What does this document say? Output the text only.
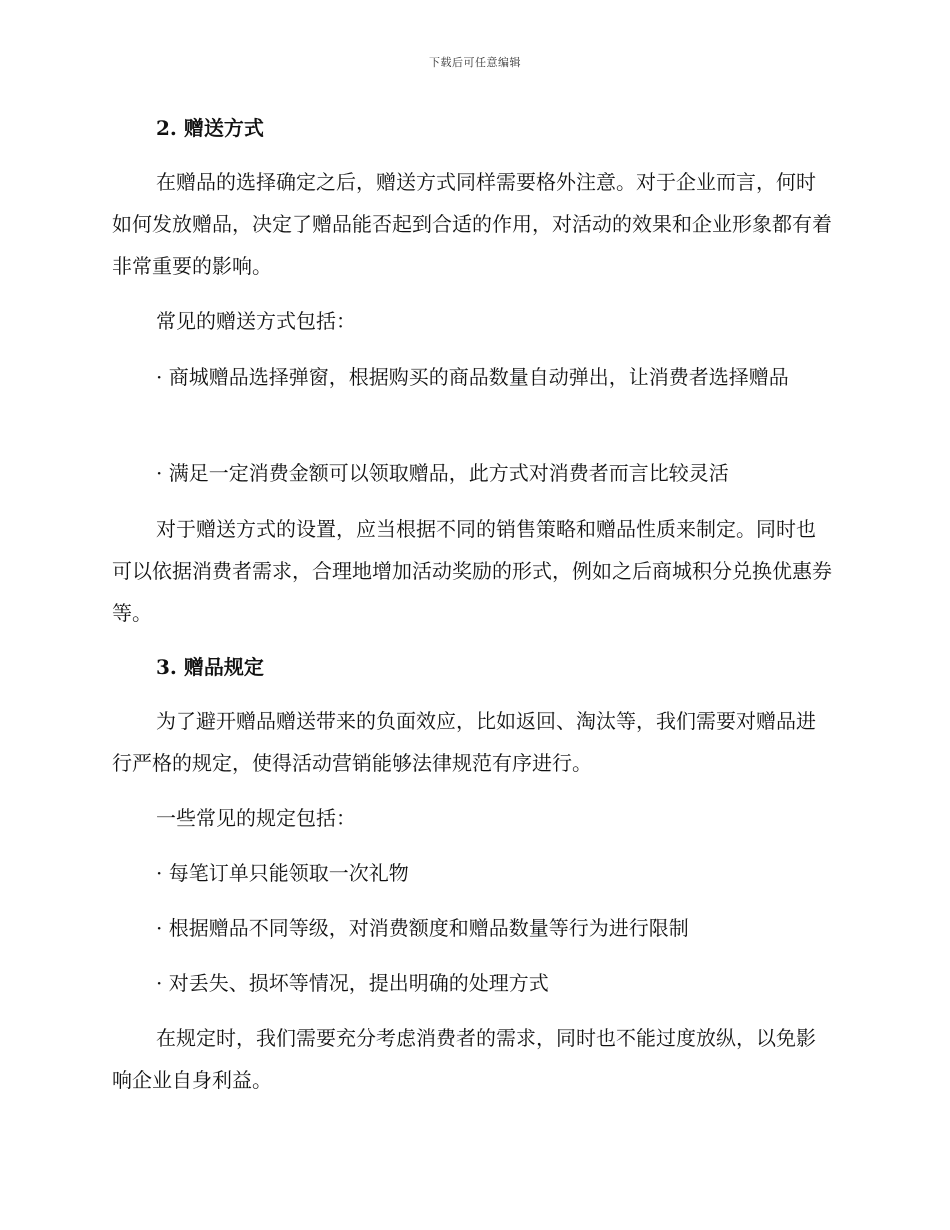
下载后可任意编辑
2. 赠送方式
在赠品的选择确定之后，赠送方式同样需要格外注意。对于企业而言，何时如何发放赠品，决定了赠品能否起到合适的作用，对活动的效果和企业形象都有着非常重要的影响。
常见的赠送方式包括：
· 商城赠品选择弹窗，根据购买的商品数量自动弹出，让消费者选择赠品
· 满足一定消费金额可以领取赠品，此方式对消费者而言比较灵活
对于赠送方式的设置，应当根据不同的销售策略和赠品性质来制定。同时也可以依据消费者需求，合理地增加活动奖励的形式，例如之后商城积分兑换优惠券等。
3. 赠品规定
为了避开赠品赠送带来的负面效应，比如返回、淘汰等，我们需要对赠品进行严格的规定，使得活动营销能够法律规范有序进行。
一些常见的规定包括：
· 每笔订单只能领取一次礼物
· 根据赠品不同等级，对消费额度和赠品数量等行为进行限制
· 对丢失、损坏等情况，提出明确的处理方式
在规定时，我们需要充分考虑消费者的需求，同时也不能过度放纵，以免影响企业自身利益。
